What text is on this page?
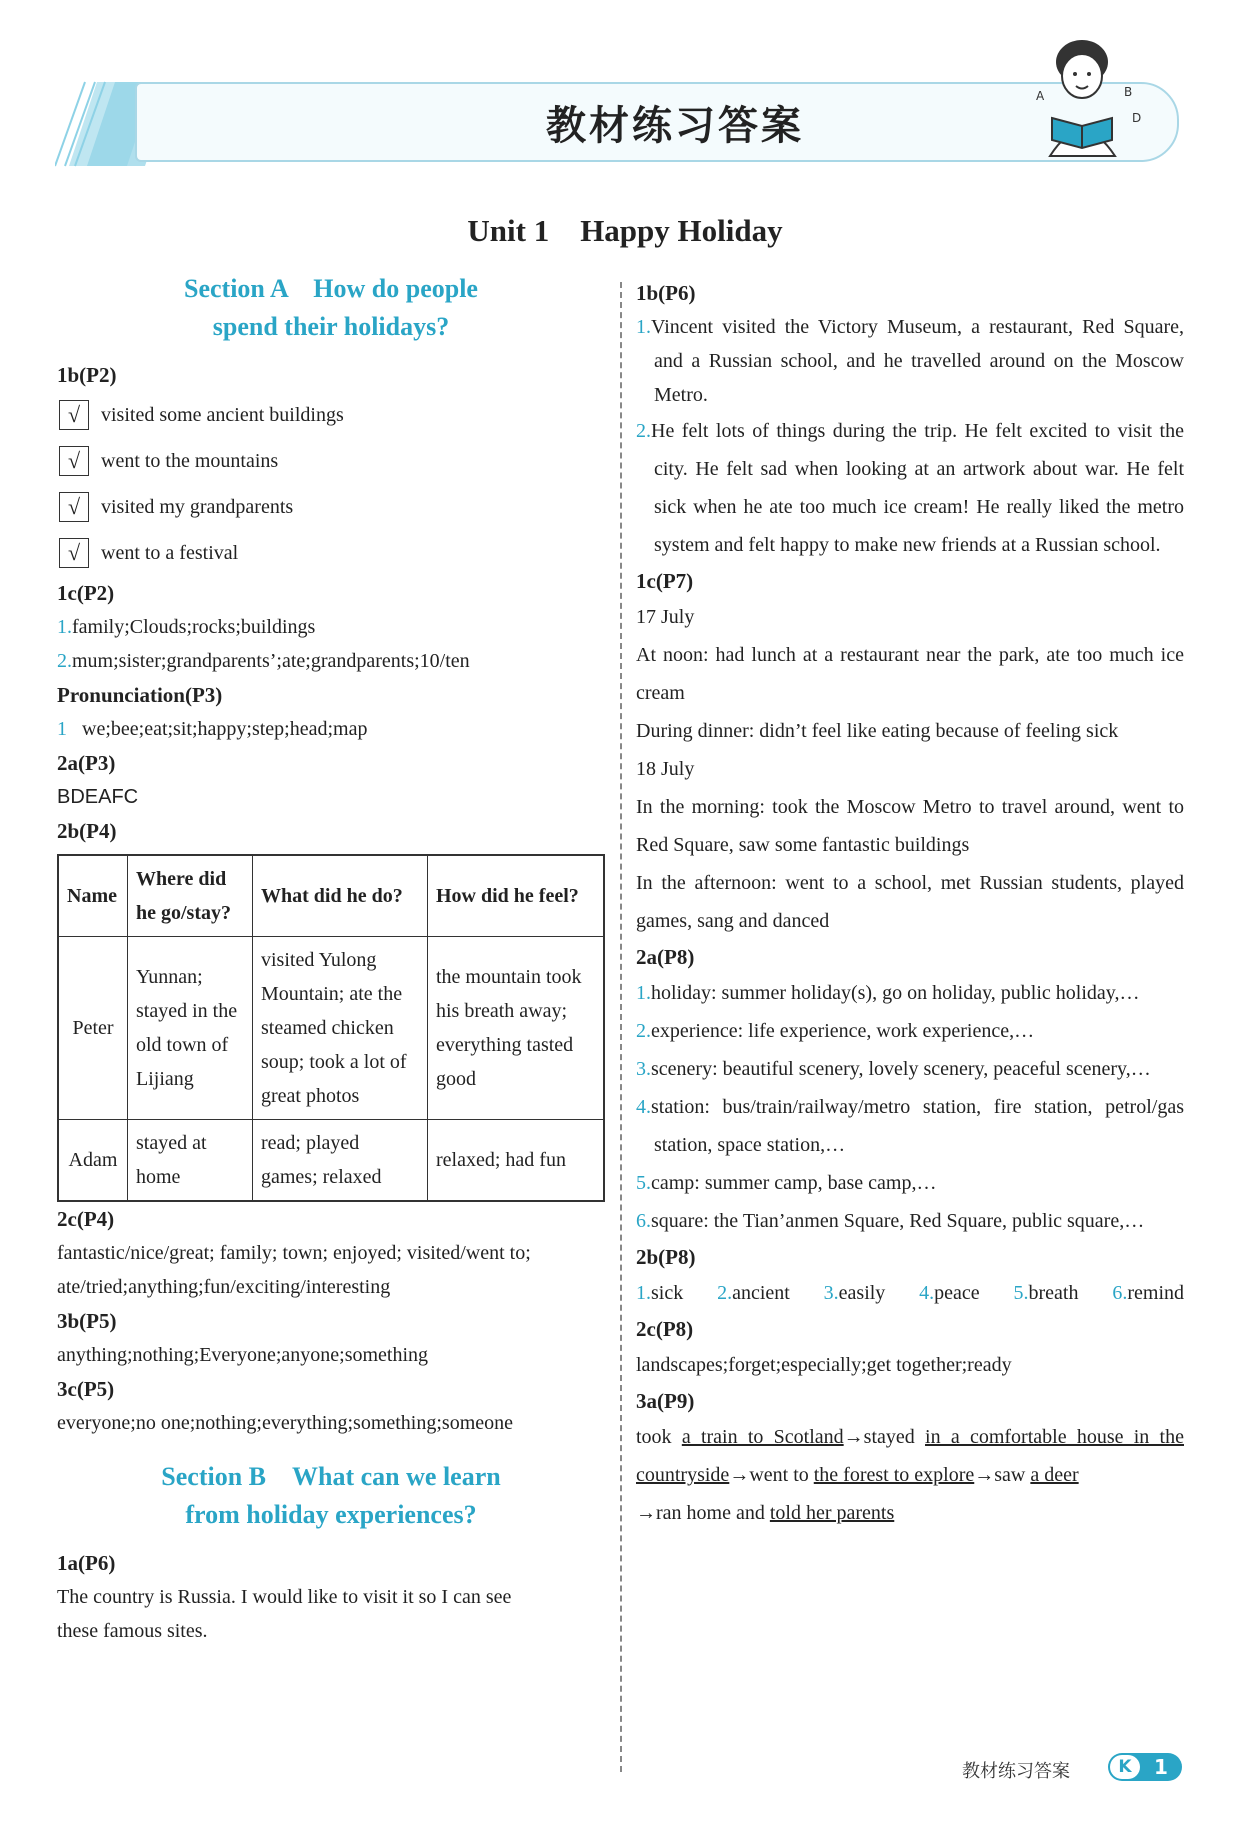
教材练习答案
A	B
D
Unit 1　Happy Holiday
Section A　How do people
spend their holidays?
1b(P2)
√	visited some ancient buildings
√	went to the mountains
√	visited my grandparents
√	went to a festival
1c(P2)
1.family;Clouds;rocks;buildings
2.mum;sister;grandparents’;ate;grandparents;10/ten
Pronunciation(P3)
1 we;bee;eat;sit;happy;step;head;map
2a(P3)
BDEAFC
2b(P4)
Name	Where did he go/stay?	What did he do?	How did he feel?
Peter	Yunnan; stayed in the old town of Lijiang	visited Yulong Mountain; ate the steamed chicken soup; took a lot of great photos	the mountain took his breath away; everything tasted good
Adam	stayed at home	read; played games; relaxed	relaxed; had fun
2c(P4)
fantastic/nice/great; family; town; enjoyed; visited/went to;
ate/tried;anything;fun/exciting/interesting
3b(P5)
anything;nothing;Everyone;anyone;something
3c(P5)
everyone;no one;nothing;everything;something;someone
Section B　What can we learn
from holiday experiences?
1a(P6)
The country is Russia. I would like to visit it so I can see
these famous sites.
1b(P6)
1.Vincent visited the Victory Museum, a restaurant, Red Square, and a Russian school, and he travelled around on the Moscow Metro.
2.He felt lots of things during the trip. He felt excited to visit the city. He felt sad when looking at an artwork about war. He felt sick when he ate too much ice cream! He really liked the metro system and felt happy to make new friends at a Russian school.
1c(P7)
17 July
At noon: had lunch at a restaurant near the park, ate too much ice cream
During dinner: didn’t feel like eating because of feeling sick
18 July
In the morning: took the Moscow Metro to travel around, went to Red Square, saw some fantastic buildings
In the afternoon: went to a school, met Russian students, played games, sang and danced
2a(P8)
1.holiday: summer holiday(s), go on holiday, public holiday,…
2.experience: life experience, work experience,…
3.scenery: beautiful scenery, lovely scenery, peaceful scenery,…
4.station: bus/train/railway/metro station, fire station, petrol/gas station, space station,…
5.camp: summer camp, base camp,…
6.square: the Tian’anmen Square, Red Square, public square,…
2b(P8)
1.sick 2.ancient 3.easily 4.peace 5.breath 6.remind
2c(P8)
landscapes;forget;especially;get together;ready
3a(P9)
took a train to Scotland→stayed in a comfortable house in the countryside→went to the forest to explore→saw a deer
→ran home and told her parents
教材练习答案	K	1
